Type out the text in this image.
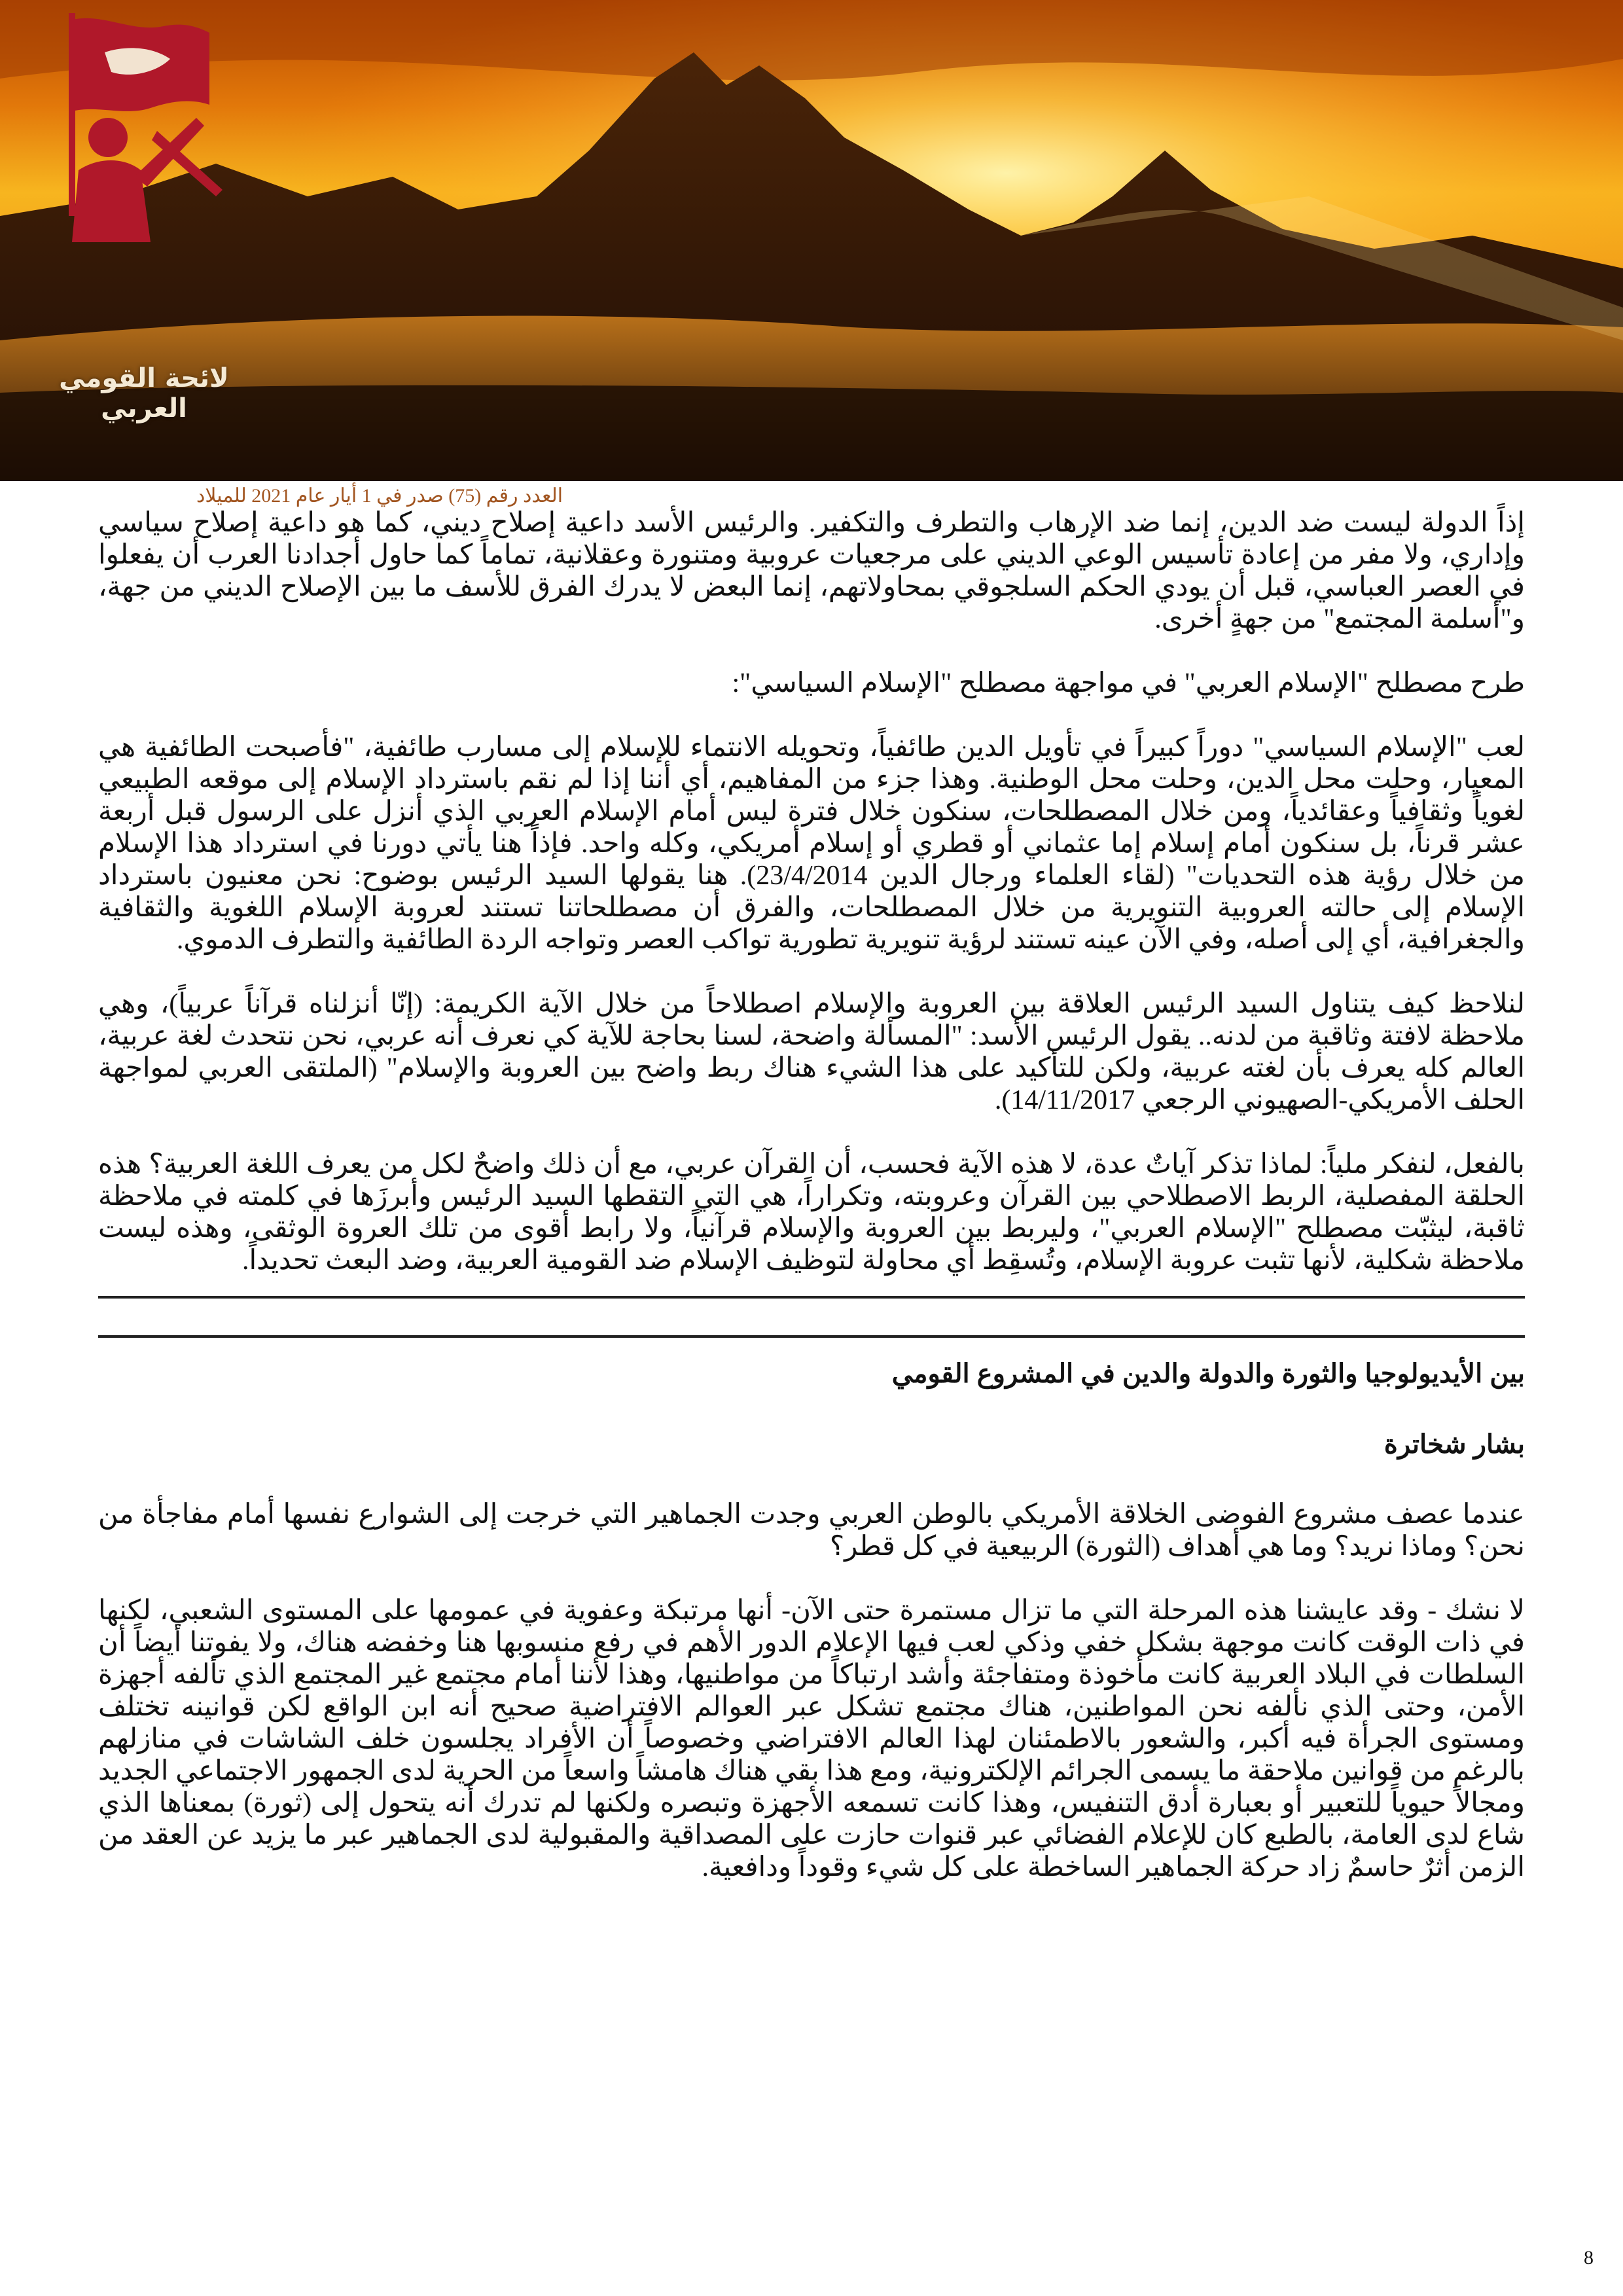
لائحة القومي العربي
العدد رقم (75) صدر في 1 أيار عام 2021 للميلاد

إذاً الدولة ليست ضد الدين، إنما ضد الإرهاب والتطرف والتكفير. والرئيس الأسد داعية إصلاح ديني، كما هو داعية إصلاح سياسي وإداري، ولا مفر من إعادة تأسيس الوعي الديني على مرجعيات عروبية ومتنورة وعقلانية، تماماً كما حاول أجدادنا العرب أن يفعلوا في العصر العباسي، قبل أن يودي الحكم السلجوقي بمحاولاتهم، إنما البعض لا يدرك الفرق للأسف ما بين الإصلاح الديني من جهة، و"أسلمة المجتمع" من جهةٍ أخرى.

طرح مصطلح "الإسلام العربي" في مواجهة مصطلح "الإسلام السياسي":

لعب "الإسلام السياسي" دوراً كبيراً في تأويل الدين طائفياً، وتحويله الانتماء للإسلام إلى مسارب طائفية، "فأصبحت الطائفية هي المعيار، وحلت محل الدين، وحلت محل الوطنية. وهذا جزء من المفاهيم، أي أننا إذا لم نقم باسترداد الإسلام إلى موقعه الطبيعي لغوياً وثقافياً وعقائدياً، ومن خلال المصطلحات، سنكون خلال فترة ليس أمام الإسلام العربي الذي أنزل على الرسول قبل أربعة عشر قرناً، بل سنكون أمام إسلام إما عثماني أو قطري أو إسلام أمريكي، وكله واحد. فإذاً هنا يأتي دورنا في استرداد هذا الإسلام من خلال رؤية هذه التحديات" (لقاء العلماء ورجال الدين 23/4/2014). هنا يقولها السيد الرئيس بوضوح: نحن معنيون باسترداد الإسلام إلى حالته العروبية التنويرية من خلال المصطلحات، والفرق أن مصطلحاتنا تستند لعروبة الإسلام اللغوية والثقافية والجغرافية، أي إلى أصله، وفي الآن عينه تستند لرؤية تنويرية تطورية تواكب العصر وتواجه الردة الطائفية والتطرف الدموي.

لنلاحظ كيف يتناول السيد الرئيس العلاقة بين العروبة والإسلام اصطلاحاً من خلال الآية الكريمة: (إنّا أنزلناه قرآناً عربياً)، وهي ملاحظة لافتة وثاقبة من لدنه.. يقول الرئيس الأسد: "المسألة واضحة، لسنا بحاجة للآية كي نعرف أنه عربي، نحن نتحدث لغة عربية، العالم كله يعرف بأن لغته عربية، ولكن للتأكيد على هذا الشيء هناك ربط واضح بين العروبة والإسلام" (الملتقى العربي لمواجهة الحلف الأمريكي-الصهيوني الرجعي 14/11/2017).

بالفعل، لنفكر ملياً: لماذا تذكر آياتٌ عدة، لا هذه الآية فحسب، أن القرآن عربي، مع أن ذلك واضحٌ لكل من يعرف اللغة العربية؟ هذه الحلقة المفصلية، الربط الاصطلاحي بين القرآن وعروبته، وتكراراً، هي التي التقطها السيد الرئيس وأبرزَها في كلمته في ملاحظة ثاقبة، ليثبّت مصطلح "الإسلام العربي"، وليربط بين العروبة والإسلام قرآنياً، ولا رابط أقوى من تلك العروة الوثقى، وهذه ليست ملاحظة شكلية، لأنها تثبت عروبة الإسلام، وتُسقِط أي محاولة لتوظيف الإسلام ضد القومية العربية، وضد البعث تحديداً.

بين الأيديولوجيا والثورة والدولة والدين في المشروع القومي
بشار شخاترة

عندما عصف مشروع الفوضى الخلاقة الأمريكي بالوطن العربي وجدت الجماهير التي خرجت إلى الشوارع نفسها أمام مفاجأة من نحن؟ وماذا نريد؟ وما هي أهداف (الثورة) الربيعية في كل قطر؟

لا نشك - وقد عايشنا هذه المرحلة التي ما تزال مستمرة حتى الآن- أنها مرتبكة وعفوية في عمومها على المستوى الشعبي، لكنها في ذات الوقت كانت موجهة بشكل خفي وذكي لعب فيها الإعلام الدور الأهم في رفع منسوبها هنا وخفضه هناك، ولا يفوتنا أيضاً أن السلطات في البلاد العربية كانت مأخوذة ومتفاجئة وأشد ارتباكاً من مواطنيها، وهذا لأننا أمام مجتمع غير المجتمع الذي تألفه أجهزة الأمن، وحتى الذي نألفه نحن المواطنين، هناك مجتمع تشكل عبر العوالم الافتراضية صحيح أنه ابن الواقع لكن قوانينه تختلف ومستوى الجرأة فيه أكبر، والشعور بالاطمئنان لهذا العالم الافتراضي وخصوصاً أن الأفراد يجلسون خلف الشاشات في منازلهم بالرغم من قوانين ملاحقة ما يسمى الجرائم الإلكترونية، ومع هذا بقي هناك هامشاً واسعاً من الحرية لدى الجمهور الاجتماعي الجديد ومجالاً حيوياً للتعبير أو بعبارة أدق التنفيس، وهذا كانت تسمعه الأجهزة وتبصره ولكنها لم تدرك أنه يتحول إلى (ثورة) بمعناها الذي شاع لدى العامة، بالطبع كان للإعلام الفضائي عبر قنوات حازت على المصداقية والمقبولية لدى الجماهير عبر ما يزيد عن العقد من الزمن أثرٌ حاسمٌ زاد حركة الجماهير الساخطة على كل شيء وقوداً ودافعية.

8
